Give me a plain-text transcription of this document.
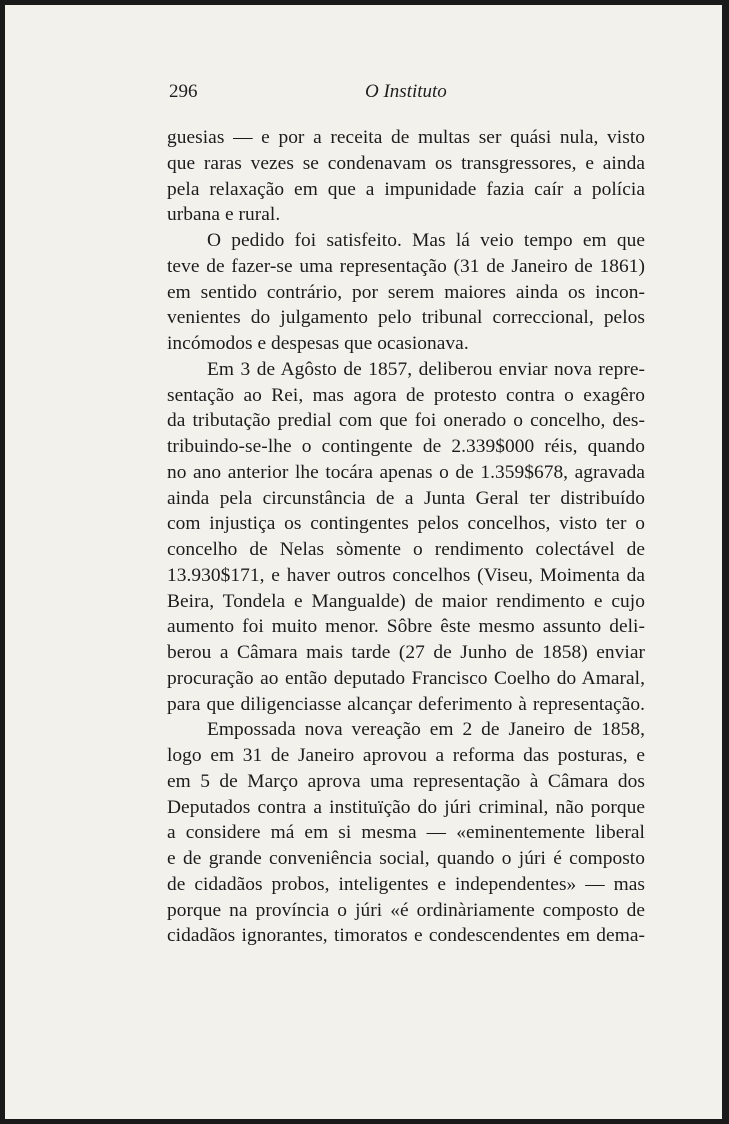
296	O Instituto
guesias — e por a receita de multas ser quási nula, visto
que raras vezes se condenavam os transgressores, e ainda
pela relaxação em que a impunidade fazia caír a polícia
urbana e rural.
O pedido foi satisfeito. Mas lá veio tempo em que
teve de fazer-se uma representação (31 de Janeiro de 1861)
em sentido contrário, por serem maiores ainda os incon-
venientes do julgamento pelo tribunal correccional, pelos
incómodos e despesas que ocasionava.
Em 3 de Agôsto de 1857, deliberou enviar nova repre-
sentação ao Rei, mas agora de protesto contra o exagêro
da tributação predial com que foi onerado o concelho, des-
tribuindo-se-lhe o contingente de 2.339$000 réis, quando
no ano anterior lhe tocára apenas o de 1.359$678, agravada
ainda pela circunstância de a Junta Geral ter distribuído
com injustiça os contingentes pelos concelhos, visto ter o
concelho de Nelas sòmente o rendimento colectável de
13.930$171, e haver outros concelhos (Viseu, Moimenta da
Beira, Tondela e Mangualde) de maior rendimento e cujo
aumento foi muito menor. Sôbre êste mesmo assunto deli-
berou a Câmara mais tarde (27 de Junho de 1858) enviar
procuração ao então deputado Francisco Coelho do Amaral,
para que diligenciasse alcançar deferimento à representação.
Empossada nova vereação em 2 de Janeiro de 1858,
logo em 31 de Janeiro aprovou a reforma das posturas, e
em 5 de Março aprova uma representação à Câmara dos
Deputados contra a instituïção do júri criminal, não porque
a considere má em si mesma — «eminentemente liberal
e de grande conveniência social, quando o júri é composto
de cidadãos probos, inteligentes e independentes» — mas
porque na província o júri «é ordinàriamente composto de
cidadãos ignorantes, timoratos e condescendentes em dema-
